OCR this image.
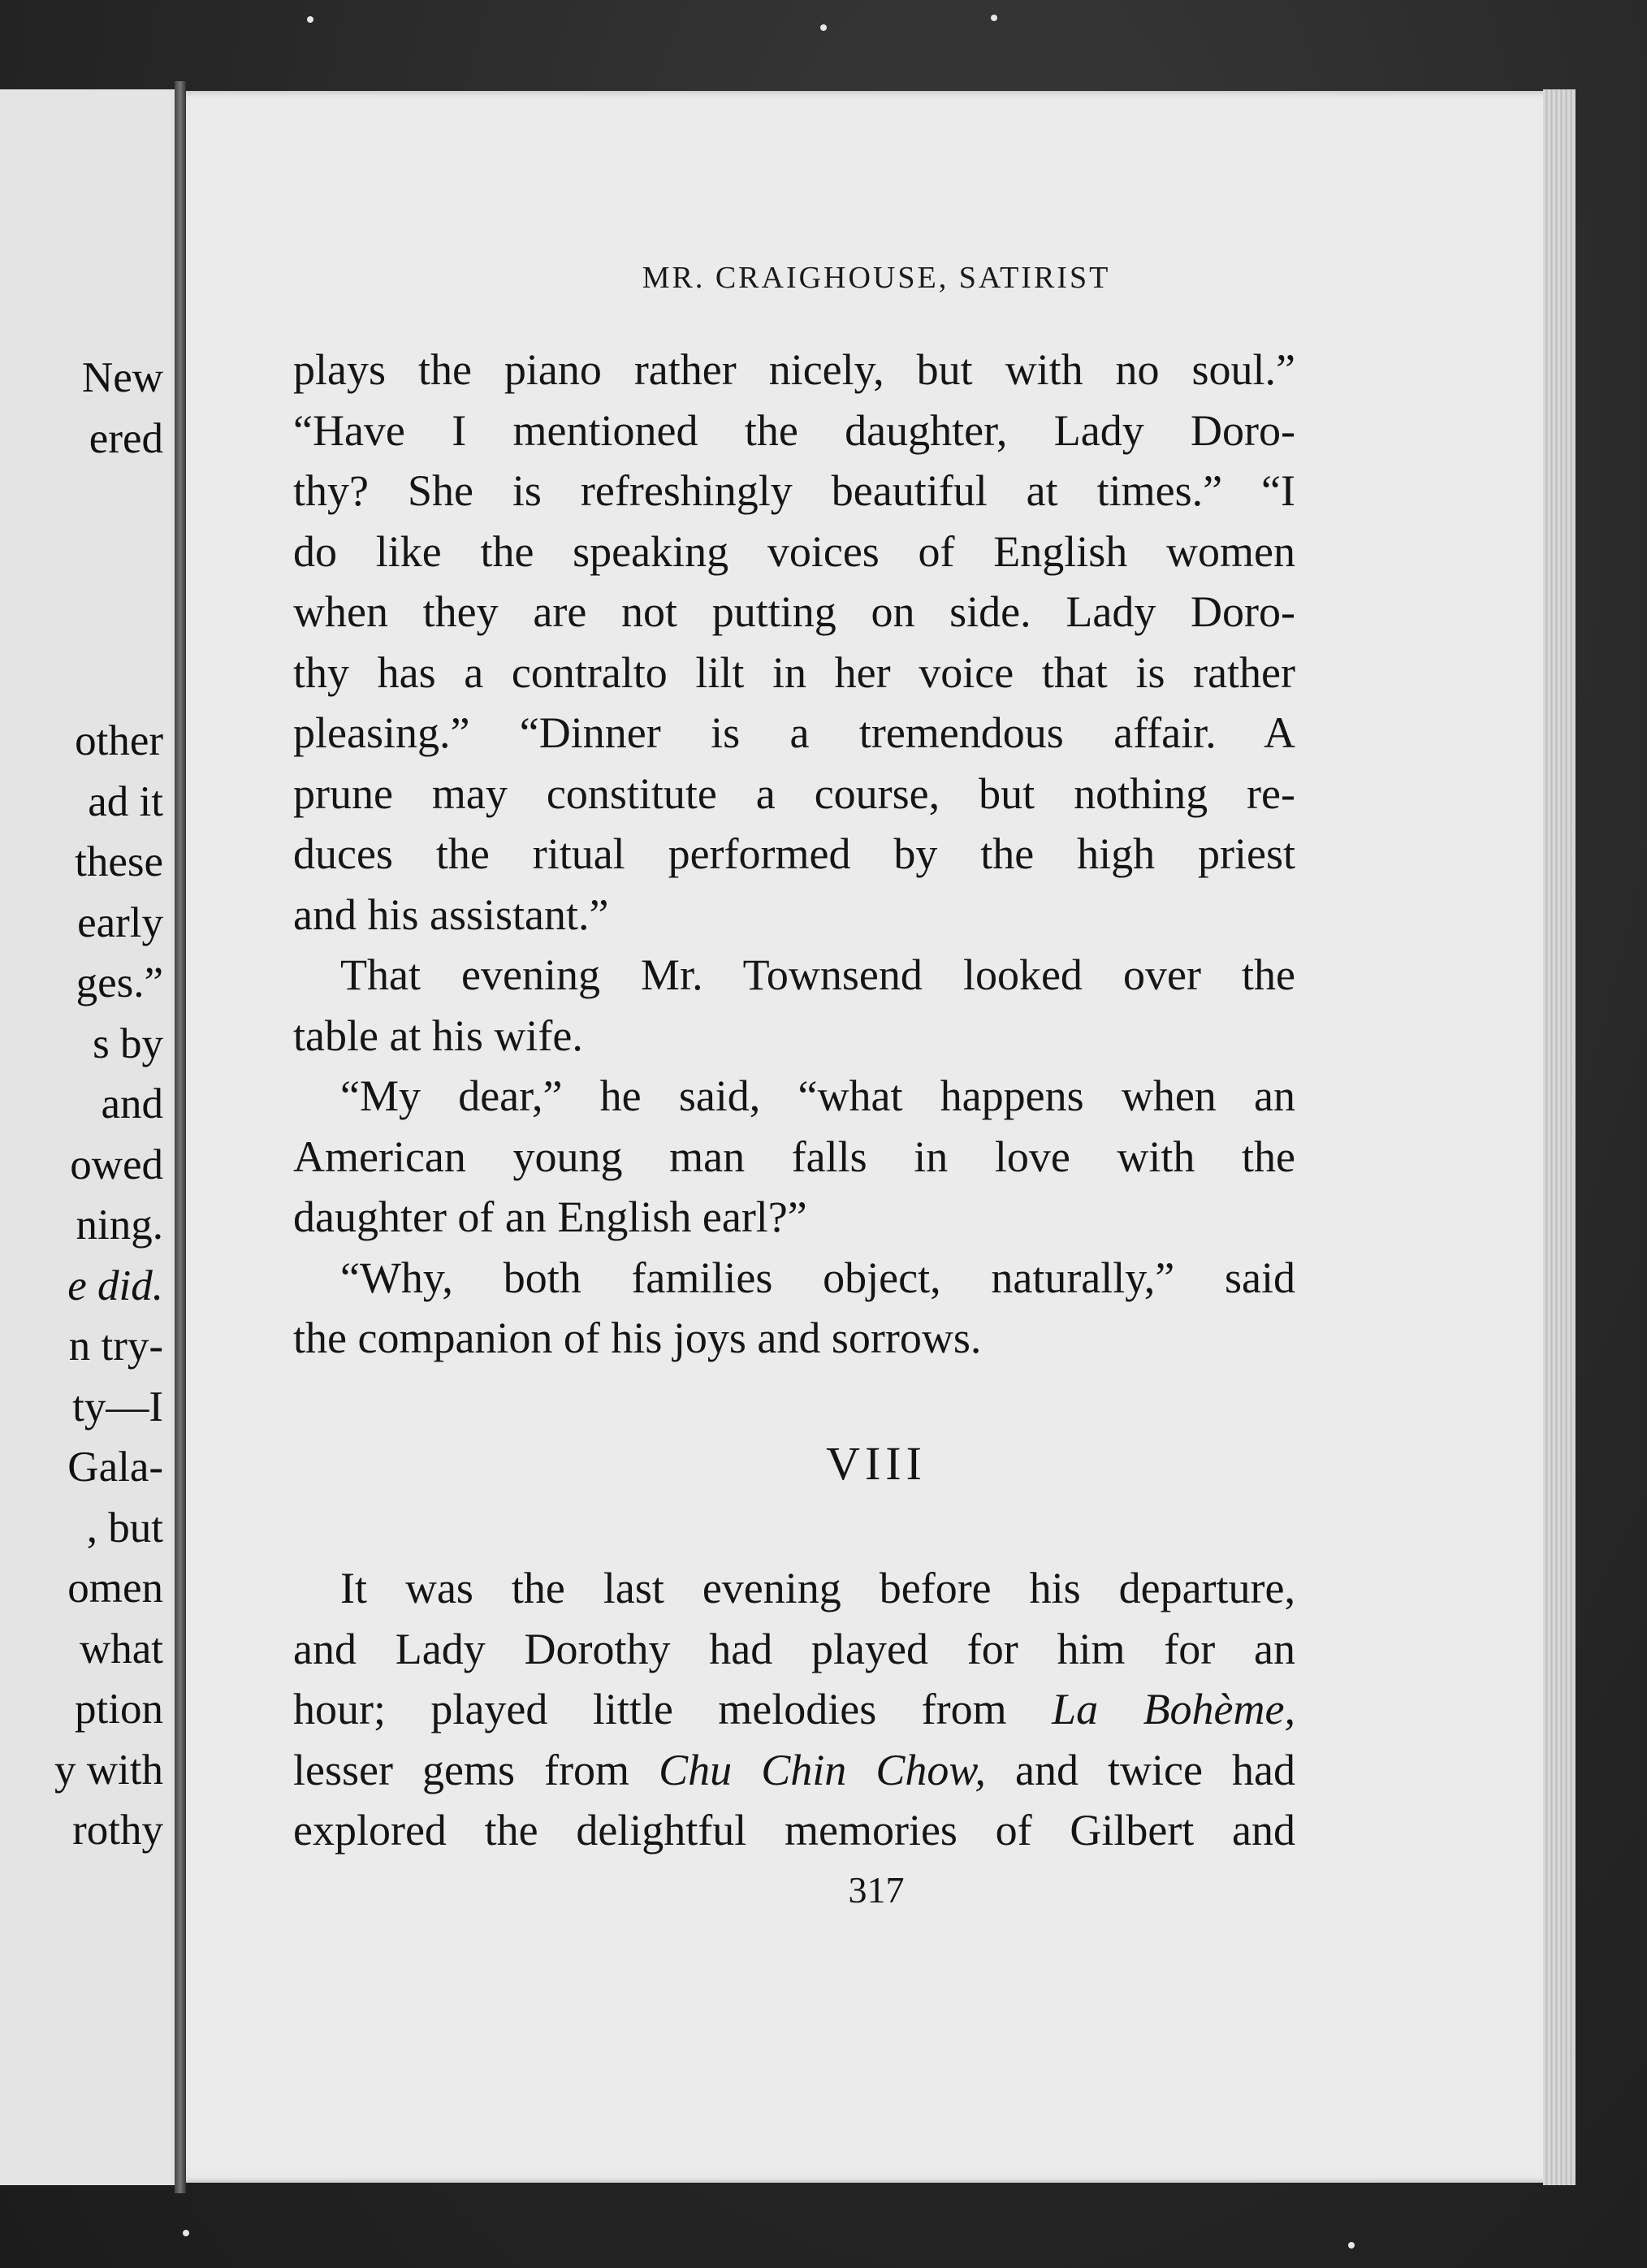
New
ered
other
ad it
these
early
ges.”
s by
and
owed
ning.
e did.
n try-
ty—I
Gala-
, but
omen
what
ption
y with
rothy
MR. CRAIGHOUSE, SATIRIST
plays the piano rather nicely, but with no soul.”
“Have I mentioned the daughter, Lady Doro-
thy? She is refreshingly beautiful at times.” “I
do like the speaking voices of English women
when they are not putting on side. Lady Doro-
thy has a contralto lilt in her voice that is rather
pleasing.” “Dinner is a tremendous affair. A
prune may constitute a course, but nothing re-
duces the ritual performed by the high priest
and his assistant.”
That evening Mr. Townsend looked over the
table at his wife.
“My dear,” he said, “what happens when an
American young man falls in love with the
daughter of an English earl?”
“Why, both families object, naturally,” said
the companion of his joys and sorrows.
VIII
It was the last evening before his departure,
and Lady Dorothy had played for him for an
hour; played little melodies from La Bohème,
lesser gems from Chu Chin Chow, and twice had
explored the delightful memories of Gilbert and
317
